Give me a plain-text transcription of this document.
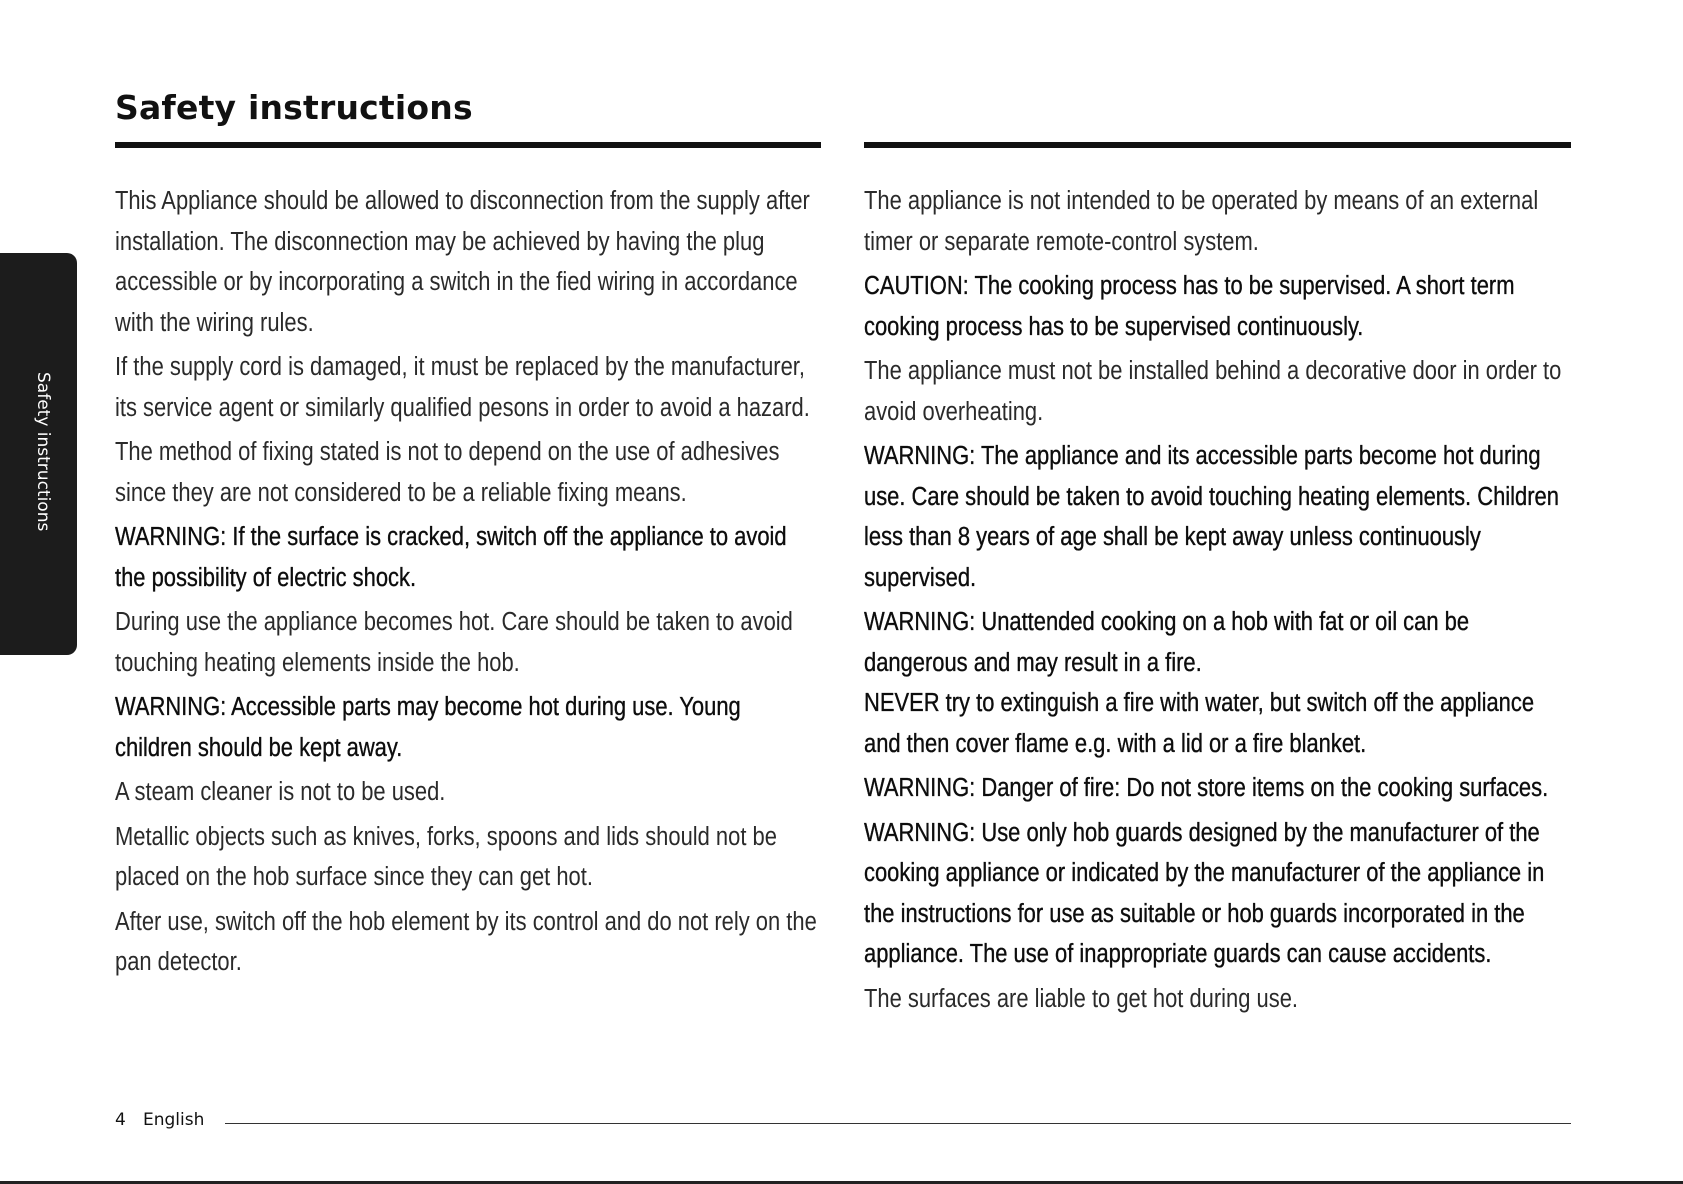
Safety instructions
Safety instructions

This Appliance should be allowed to disconnection from the supply after installation. The disconnection may be achieved by having the plug accessible or by incorporating a switch in the fied wiring in accordance with the wiring rules.

If the supply cord is damaged, it must be replaced by the manufacturer, its service agent or similarly qualified pesons in order to avoid a hazard.

The method of fixing stated is not to depend on the use of adhesives since they are not considered to be a reliable fixing means.

WARNING: If the surface is cracked, switch off the appliance to avoid the possibility of electric shock.

During use the appliance becomes hot. Care should be taken to avoid touching heating elements inside the hob.

WARNING: Accessible parts may become hot during use. Young children should be kept away.

A steam cleaner is not to be used.

Metallic objects such as knives, forks, spoons and lids should not be placed on the hob surface since they can get hot.

After use, switch off the hob element by its control and do not rely on the pan detector.

The appliance is not intended to be operated by means of an external timer or separate remote-control system.

CAUTION: The cooking process has to be supervised. A short term cooking process has to be supervised continuously.

The appliance must not be installed behind a decorative door in order to avoid overheating.

WARNING: The appliance and its accessible parts become hot during use. Care should be taken to avoid touching heating elements. Children less than 8 years of age shall be kept away unless continuously supervised.

WARNING: Unattended cooking on a hob with fat or oil can be dangerous and may result in a fire.

NEVER try to extinguish a fire with water, but switch off the appliance and then cover flame e.g. with a lid or a fire blanket.

WARNING: Danger of fire: Do not store items on the cooking surfaces.

WARNING: Use only hob guards designed by the manufacturer of the cooking appliance or indicated by the manufacturer of the appliance in the instructions for use as suitable or hob guards incorporated in the appliance. The use of inappropriate guards can cause accidents.

The surfaces are liable to get hot during use.

4 English
